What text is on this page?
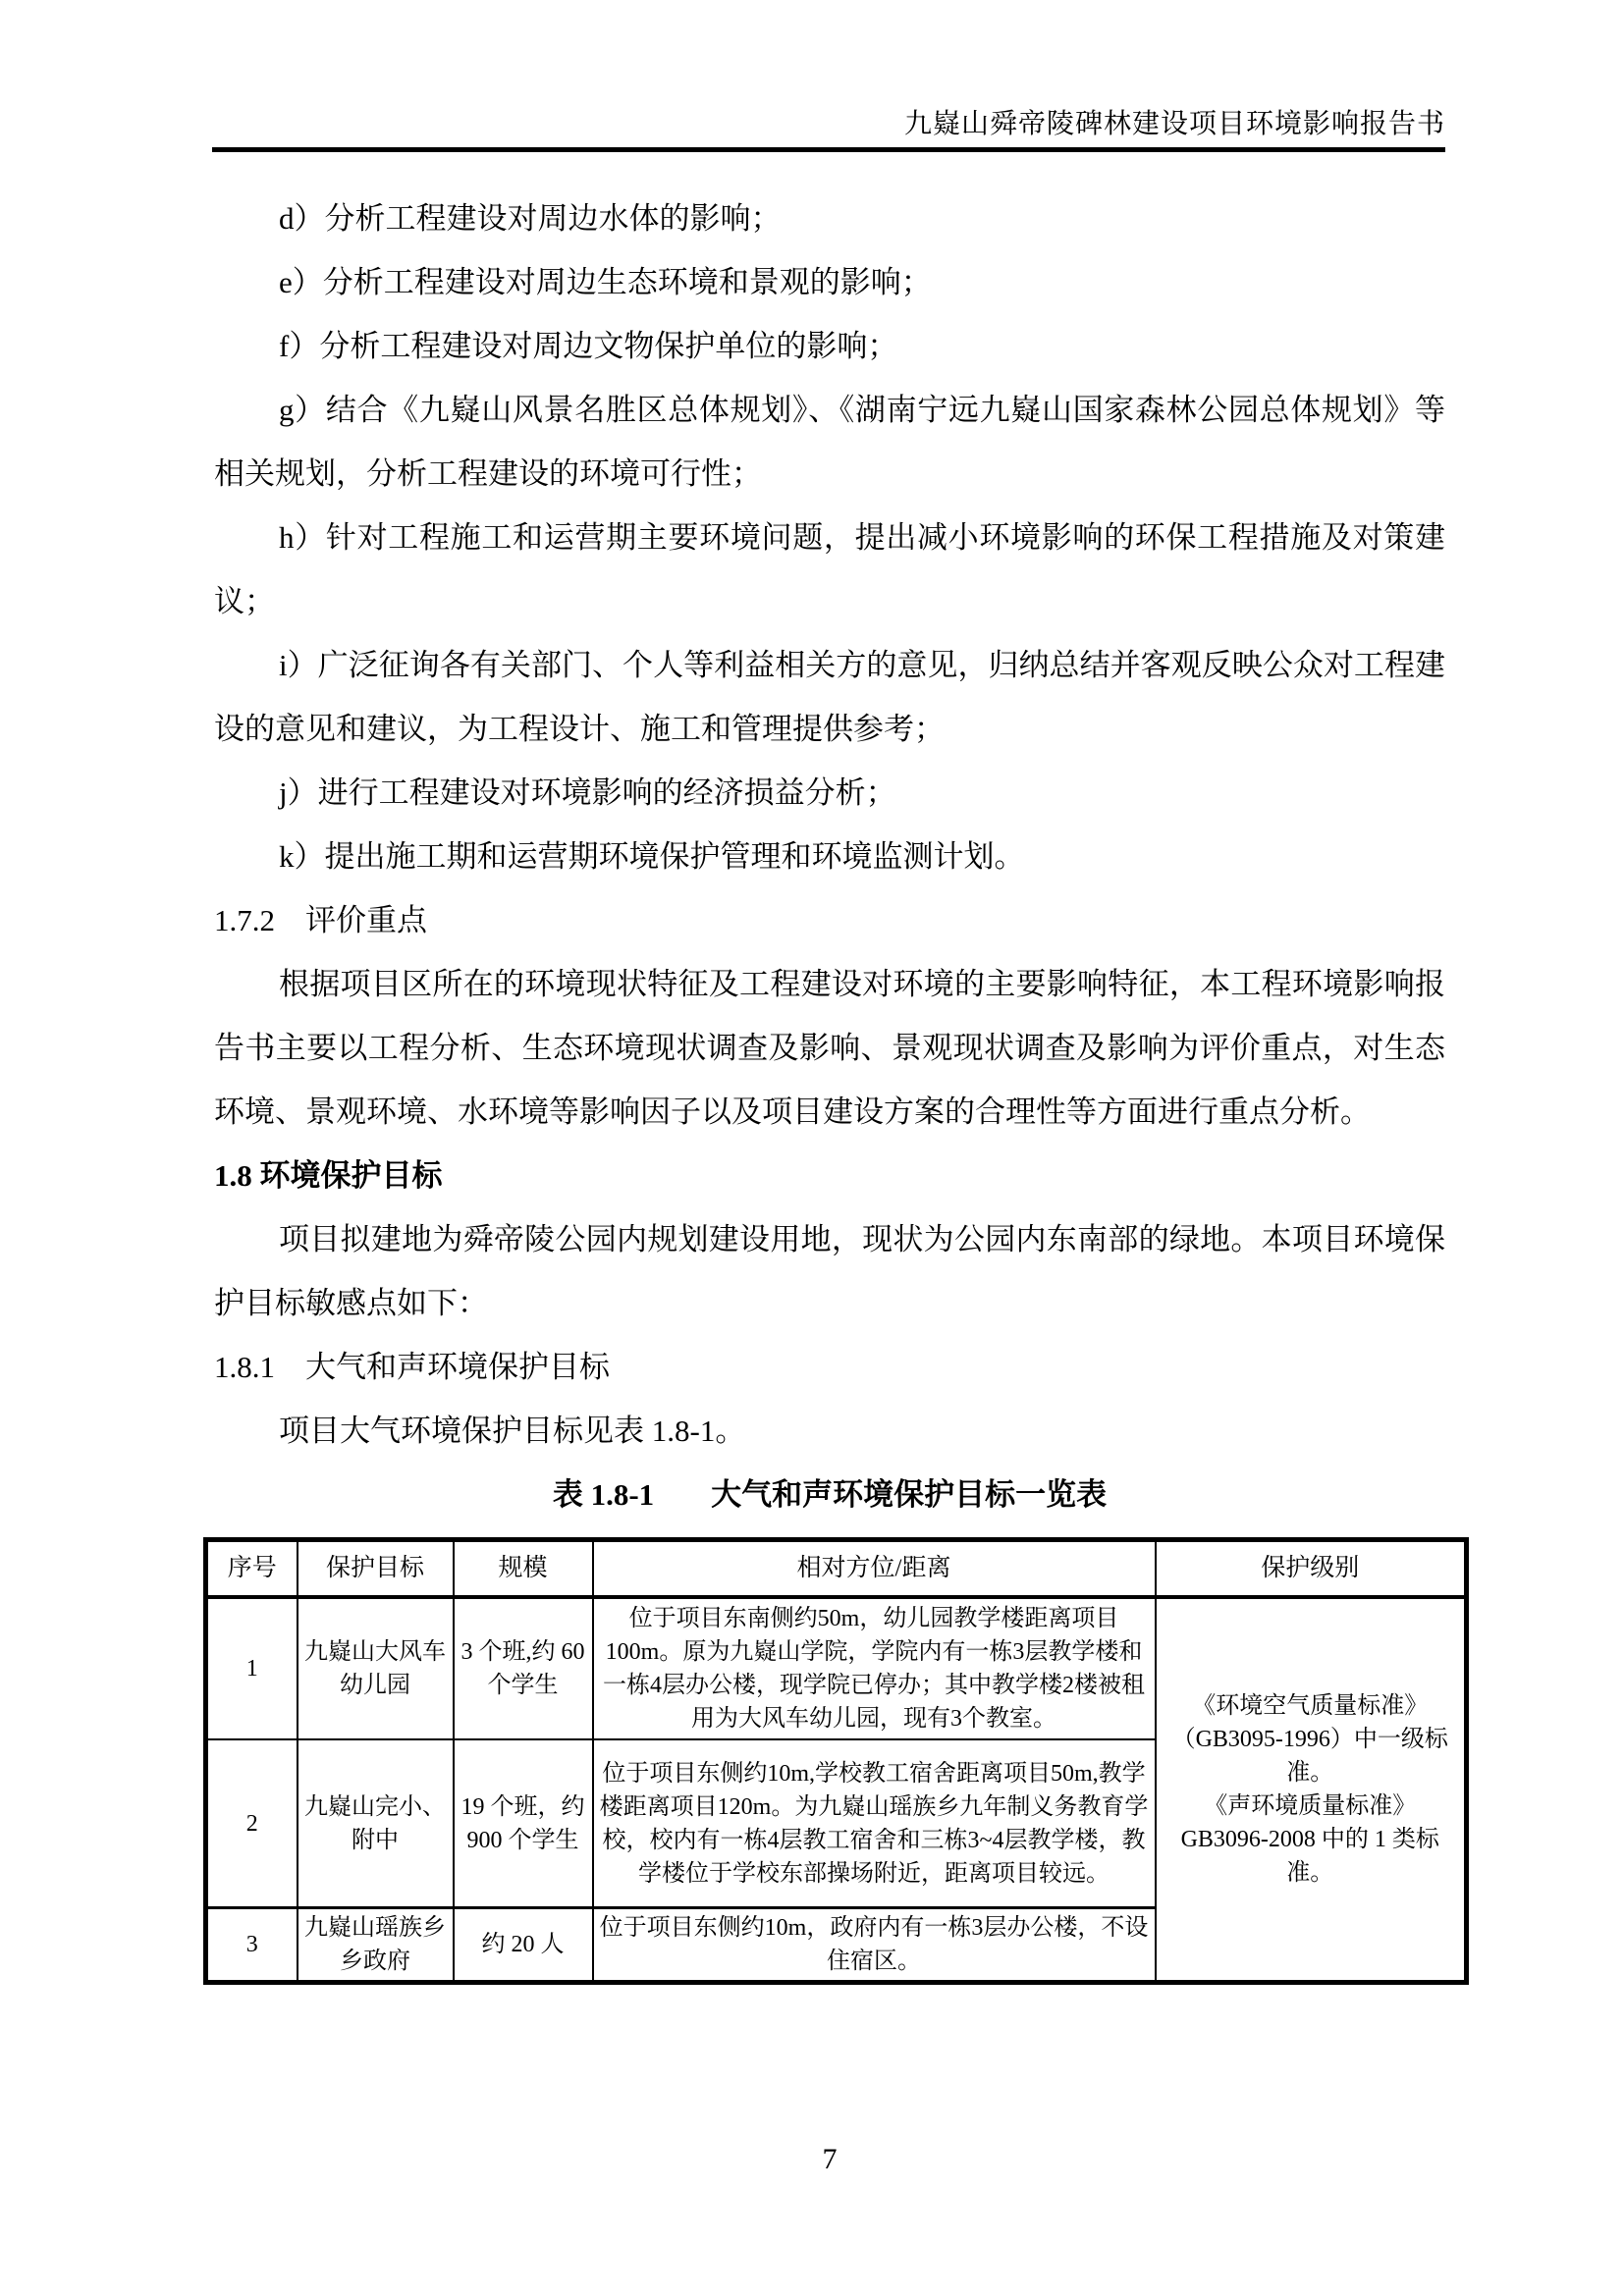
九嶷山舜帝陵碑林建设项目环境影响报告书

d）分析工程建设对周边水体的影响；

e）分析工程建设对周边生态环境和景观的影响；

f）分析工程建设对周边文物保护单位的影响；

g）结合《九嶷山风景名胜区总体规划》、《湖南宁远九嶷山国家森林公园总体规划》等相关规划，分析工程建设的环境可行性；

h）针对工程施工和运营期主要环境问题，提出减小环境影响的环保工程措施及对策建议；

i）广泛征询各有关部门、个人等利益相关方的意见，归纳总结并客观反映公众对工程建设的意见和建议，为工程设计、施工和管理提供参考；

j）进行工程建设对环境影响的经济损益分析；

k）提出施工期和运营期环境保护管理和环境监测计划。

1.7.2　评价重点

根据项目区所在的环境现状特征及工程建设对环境的主要影响特征，本工程环境影响报告书主要以工程分析、生态环境现状调查及影响、景观现状调查及影响为评价重点，对生态环境、景观环境、水环境等影响因子以及项目建设方案的合理性等方面进行重点分析。

1.8 环境保护目标

项目拟建地为舜帝陵公园内规划建设用地，现状为公园内东南部的绿地。本项目环境保护目标敏感点如下：

1.8.1　大气和声环境保护目标

项目大气环境保护目标见表 1.8-1。

表 1.8-1 大气和声环境保护目标一览表
序号	保护目标	规模	相对方位/距离	保护级别
1	九嶷山大风车幼儿园	3 个班,约 60 个学生	位于项目东南侧约50m，幼儿园教学楼距离项目100m。原为九嶷山学院，学院内有一栋3层教学楼和一栋4层办公楼，现学院已停办；其中教学楼2楼被租用为大风车幼儿园，现有3个教室。	《环境空气质量标准》（GB3095-1996）中一级标准。
《声环境质量标准》GB3096-2008 中的 1 类标准。

2	九嶷山完小、附中	19 个班，约 900 个学生	位于项目东侧约10m,学校教工宿舍距离项目50m,教学楼距离项目120m。为九嶷山瑶族乡九年制义务教育学校，校内有一栋4层教工宿舍和三栋3~4层教学楼，教学楼位于学校东部操场附近，距离项目较远。	
3	九嶷山瑶族乡乡政府	约 20 人	位于项目东侧约10m，政府内有一栋3层办公楼，不设住宿区。	
7
